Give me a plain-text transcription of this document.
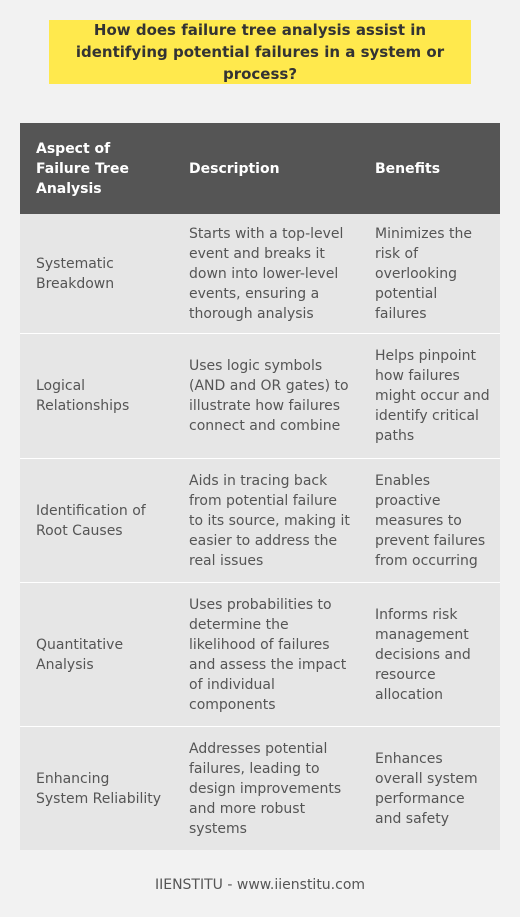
How does failure tree analysis assist in identifying potential failures in a system or process?
Aspect of Failure Tree Analysis	Description	Benefits
Systematic Breakdown	Starts with a top-level event and breaks it down into lower-level events, ensuring a thorough analysis	Minimizes the risk of overlooking potential failures
Logical Relationships	Uses logic symbols (AND and OR gates) to illustrate how failures connect and combine	Helps pinpoint how failures might occur and identify critical paths
Identification of Root Causes	Aids in tracing back from potential failure to its source, making it easier to address the real issues	Enables proactive measures to prevent failures from occurring
Quantitative Analysis	Uses probabilities to determine the likelihood of failures and assess the impact of individual components	Informs risk management decisions and resource allocation
Enhancing System Reliability	Addresses potential failures, leading to design improvements and more robust systems	Enhances overall system performance and safety
IIENSTITU - www.iienstitu.com
